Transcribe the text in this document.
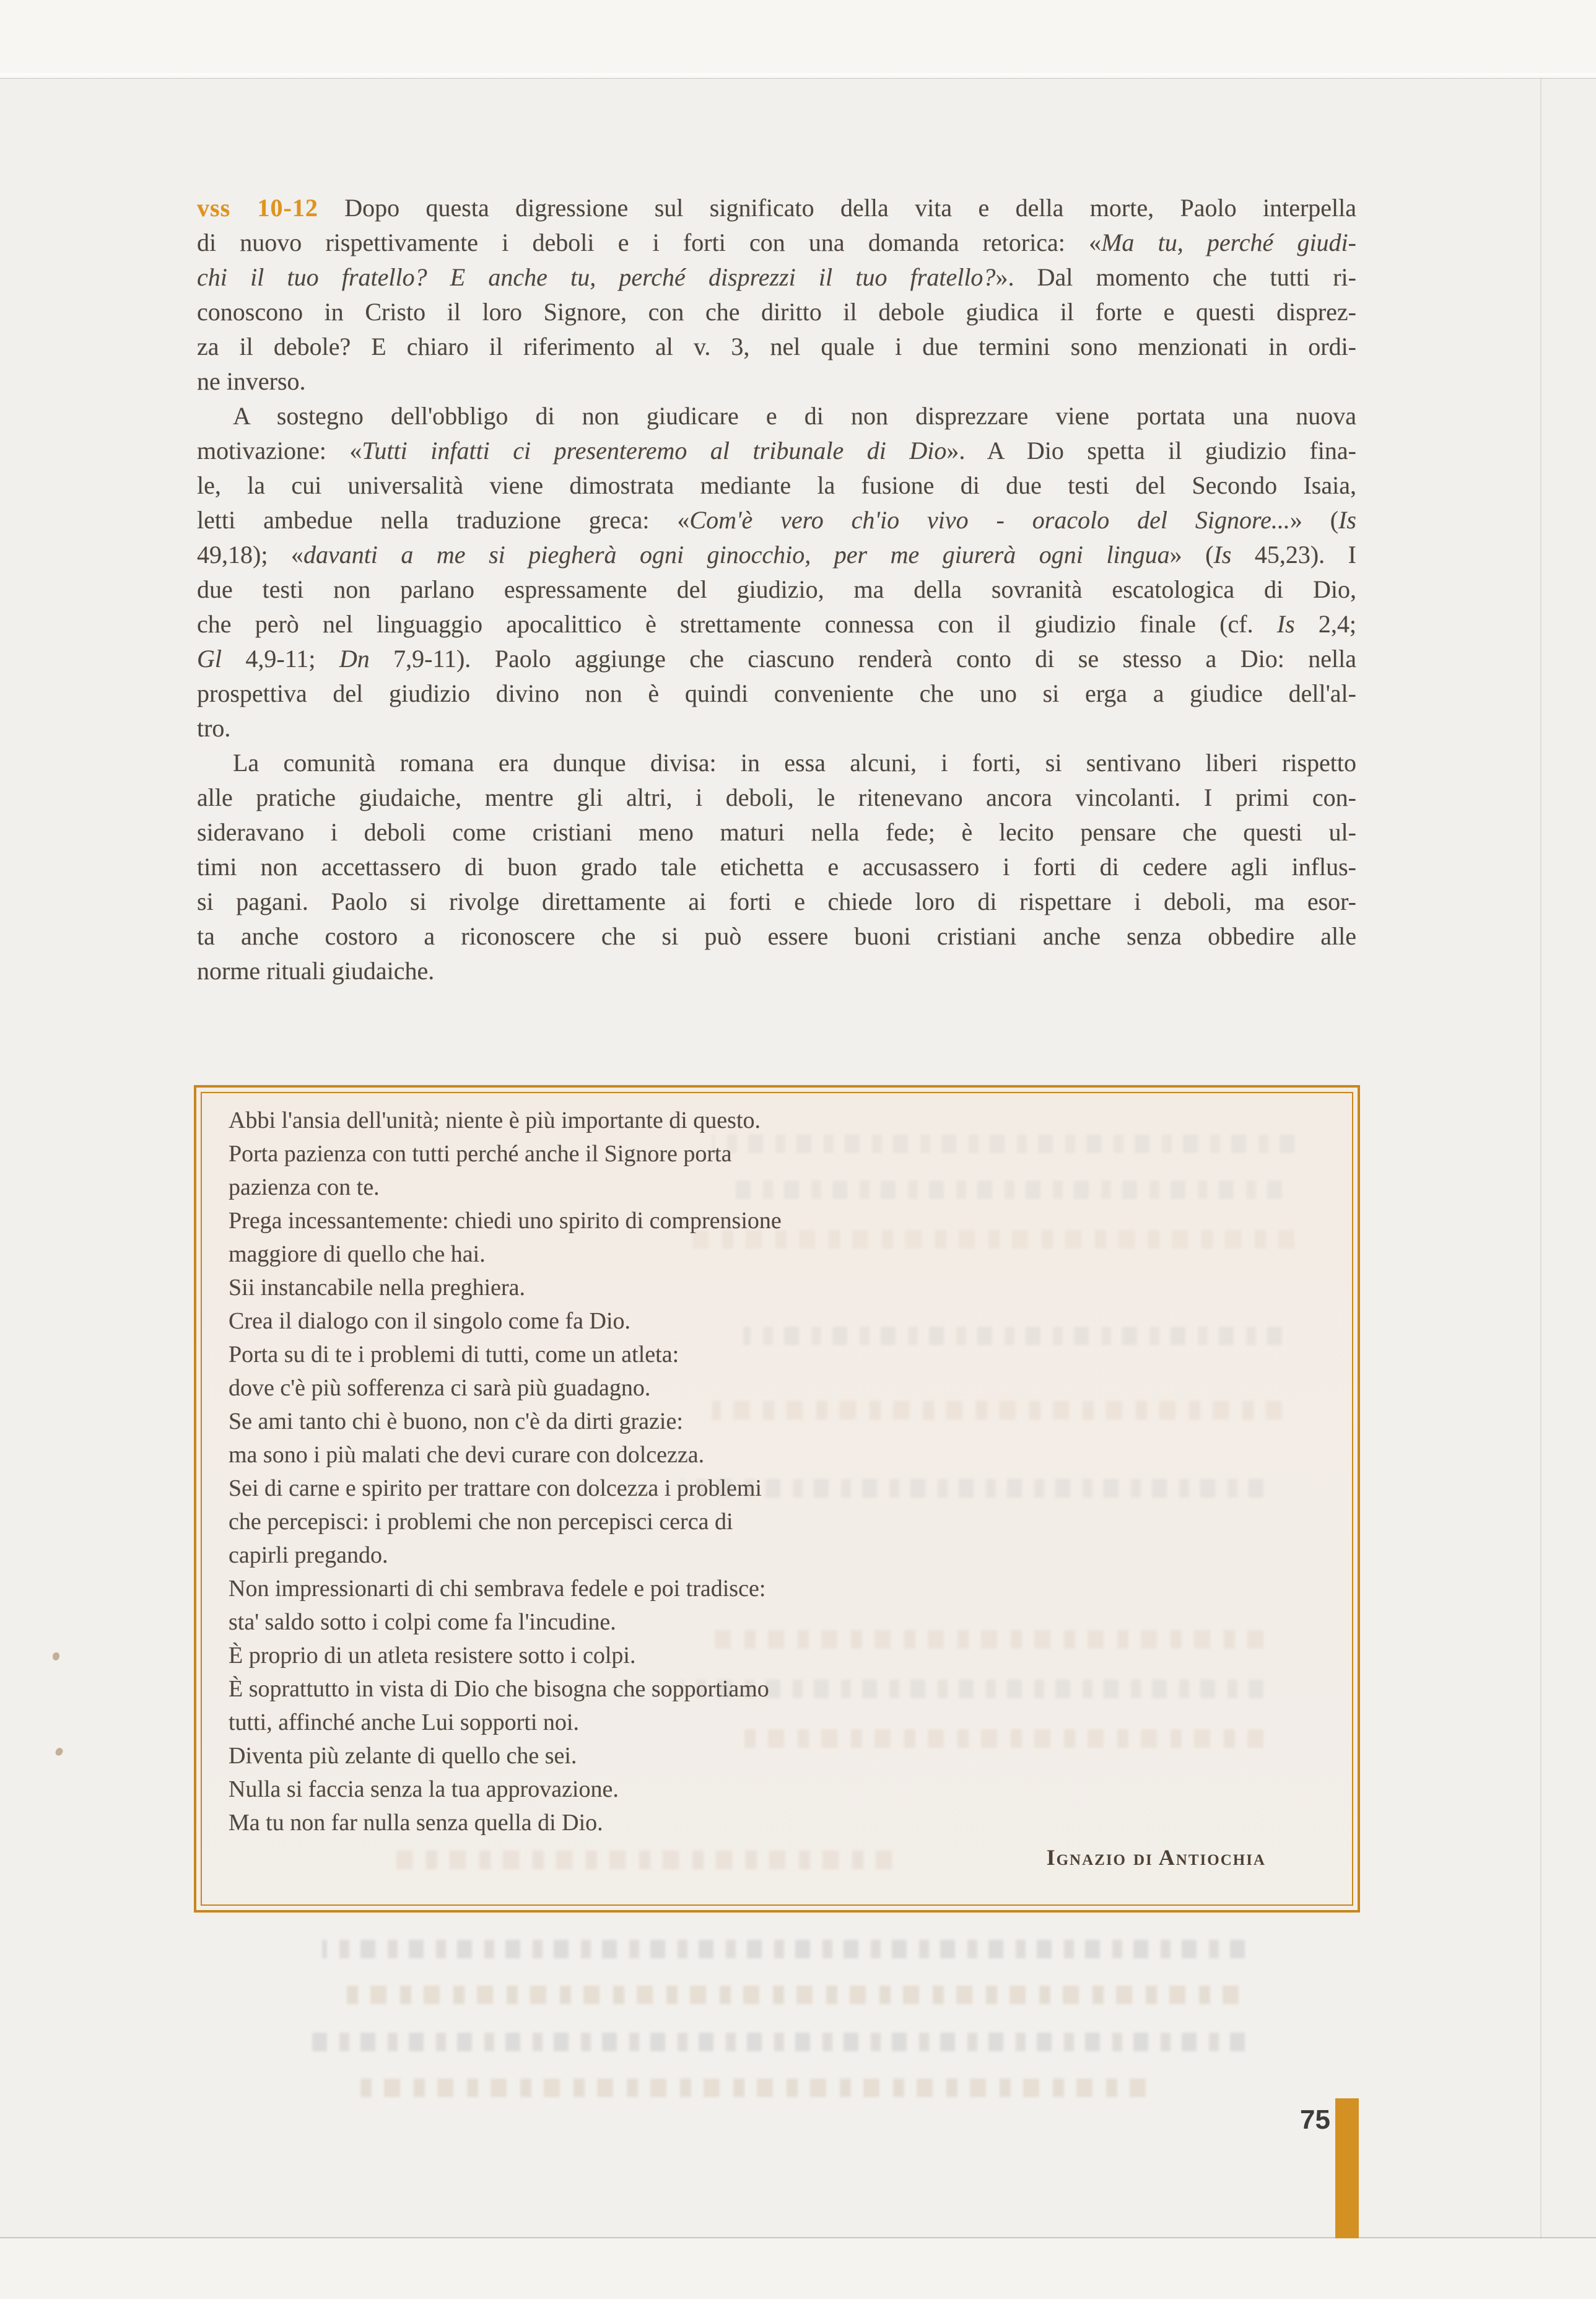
vss 10-12 Dopo questa digressione sul significato della vita e della morte, Paolo interpella
di nuovo rispettivamente i deboli e i forti con una domanda retorica: «Ma tu, perché giudi-
chi il tuo fratello? E anche tu, perché disprezzi il tuo fratello?». Dal momento che tutti ri-
conoscono in Cristo il loro Signore, con che diritto il debole giudica il forte e questi disprez-
za il debole? E chiaro il riferimento al v. 3, nel quale i due termini sono menzionati in ordi-
ne inverso.
A sostegno dell'obbligo di non giudicare e di non disprezzare viene portata una nuova
motivazione: «Tutti infatti ci presenteremo al tribunale di Dio». A Dio spetta il giudizio fina-
le, la cui universalità viene dimostrata mediante la fusione di due testi del Secondo Isaia,
letti ambedue nella traduzione greca: «Com'è vero ch'io vivo - oracolo del Signore...» (Is
49,18); «davanti a me si piegherà ogni ginocchio, per me giurerà ogni lingua» (Is 45,23). I
due testi non parlano espressamente del giudizio, ma della sovranità escatologica di Dio,
che però nel linguaggio apocalittico è strettamente connessa con il giudizio finale (cf. Is 2,4;
Gl 4,9-11; Dn 7,9-11). Paolo aggiunge che ciascuno renderà conto di se stesso a Dio: nella
prospettiva del giudizio divino non è quindi conveniente che uno si erga a giudice dell'al-
tro.
La comunità romana era dunque divisa: in essa alcuni, i forti, si sentivano liberi rispetto
alle pratiche giudaiche, mentre gli altri, i deboli, le ritenevano ancora vincolanti. I primi con-
sideravano i deboli come cristiani meno maturi nella fede; è lecito pensare che questi ul-
timi non accettassero di buon grado tale etichetta e accusassero i forti di cedere agli influs-
si pagani. Paolo si rivolge direttamente ai forti e chiede loro di rispettare i deboli, ma esor-
ta anche costoro a riconoscere che si può essere buoni cristiani anche senza obbedire alle
norme rituali giudaiche.
Abbi l'ansia dell'unità; niente è più importante di questo.
Porta pazienza con tutti perché anche il Signore porta
pazienza con te.
Prega incessantemente: chiedi uno spirito di comprensione
maggiore di quello che hai.
Sii instancabile nella preghiera.
Crea il dialogo con il singolo come fa Dio.
Porta su di te i problemi di tutti, come un atleta:
dove c'è più sofferenza ci sarà più guadagno.
Se ami tanto chi è buono, non c'è da dirti grazie:
ma sono i più malati che devi curare con dolcezza.
Sei di carne e spirito per trattare con dolcezza i problemi
che percepisci: i problemi che non percepisci cerca di
capirli pregando.
Non impressionarti di chi sembrava fedele e poi tradisce:
sta' saldo sotto i colpi come fa l'incudine.
È proprio di un atleta resistere sotto i colpi.
È soprattutto in vista di Dio che bisogna che sopportiamo
tutti, affinché anche Lui sopporti noi.
Diventa più zelante di quello che sei.
Nulla si faccia senza la tua approvazione.
Ma tu non far nulla senza quella di Dio.
Ignazio di Antiochia
75
